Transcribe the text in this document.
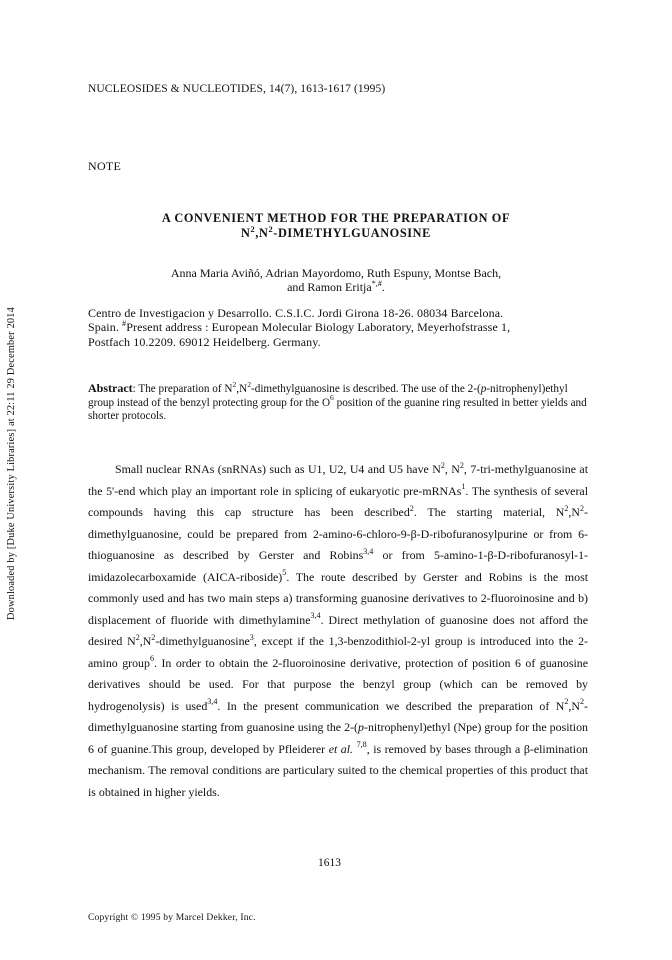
Downloaded by [Duke University Libraries] at 22:11 29 December 2014
NUCLEOSIDES & NUCLEOTIDES, 14(7), 1613-1617 (1995)
NOTE
A CONVENIENT METHOD FOR THE PREPARATION OF
$N^2,N^2$-DIMETHYLGUANOSINE
Anna Maria Aviñó, Adrian Mayordomo, Ruth Espuny, Montse Bach,
and Ramon Eritja*,#.
Centro de Investigacion y Desarrollo. C.S.I.C. Jordi Girona 18-26. 08034 Barcelona.
Spain. #Present address : European Molecular Biology Laboratory, Meyerhofstrasse 1,
Postfach 10.2209. 69012 Heidelberg. Germany.
Abstract: The preparation of $N^2,N^2$-dimethylguanosine is described. The use of the 2-(p-nitrophenyl)ethyl group instead of the benzyl protecting group for the $O^6$ position of the guanine ring resulted in better yields and shorter protocols.
Small nuclear RNAs (snRNAs) such as U1, U2, U4 and U5 have $N^2$, $N^2$, 7-tri-methylguanosine at the 5'-end which play an important role in splicing of eukaryotic pre-mRNAs$^1$. The synthesis of several compounds having this cap structure has been described$^2$. The starting material, $N^2,N^2$-dimethylguanosine, could be prepared from 2-amino-6-chloro-9-β-D-ribofuranosylpurine or from 6-thioguanosine as described by Gerster and Robins$^{3,4}$ or from 5-amino-1-β-D-ribofuranosyl-1-imidazolecarboxamide (AICA-riboside)$^5$. The route described by Gerster and Robins is the most commonly used and has two main steps a) transforming guanosine derivatives to 2-fluoroinosine and b) displacement of fluoride with dimethylamine$^{3,4}$. Direct methylation of guanosine does not afford the desired $N^2,N^2-dimethylguanosine^3$, except if the 1,3-benzodithiol-2-yl group is introduced into the 2-amino group$^6$. In order to obtain the 2-fluoroinosine derivative, protection of position 6 of guanosine derivatives should be used. For that purpose the benzyl group (which can be removed by hydrogenolysis) is used$^{3,4}$. In the present communication we described the preparation of $N^2,N^2$-dimethylguanosine starting from guanosine using the 2-(p-nitrophenyl)ethyl (Npe) group for the position 6 of guanine.This group, developed by Pfleiderer et al. $^{7,8}$, is removed by bases through a β-elimination mechanism. The removal conditions are particulary suited to the chemical properties of this product that is obtained in higher yields.
1613
Copyright © 1995 by Marcel Dekker, Inc.
